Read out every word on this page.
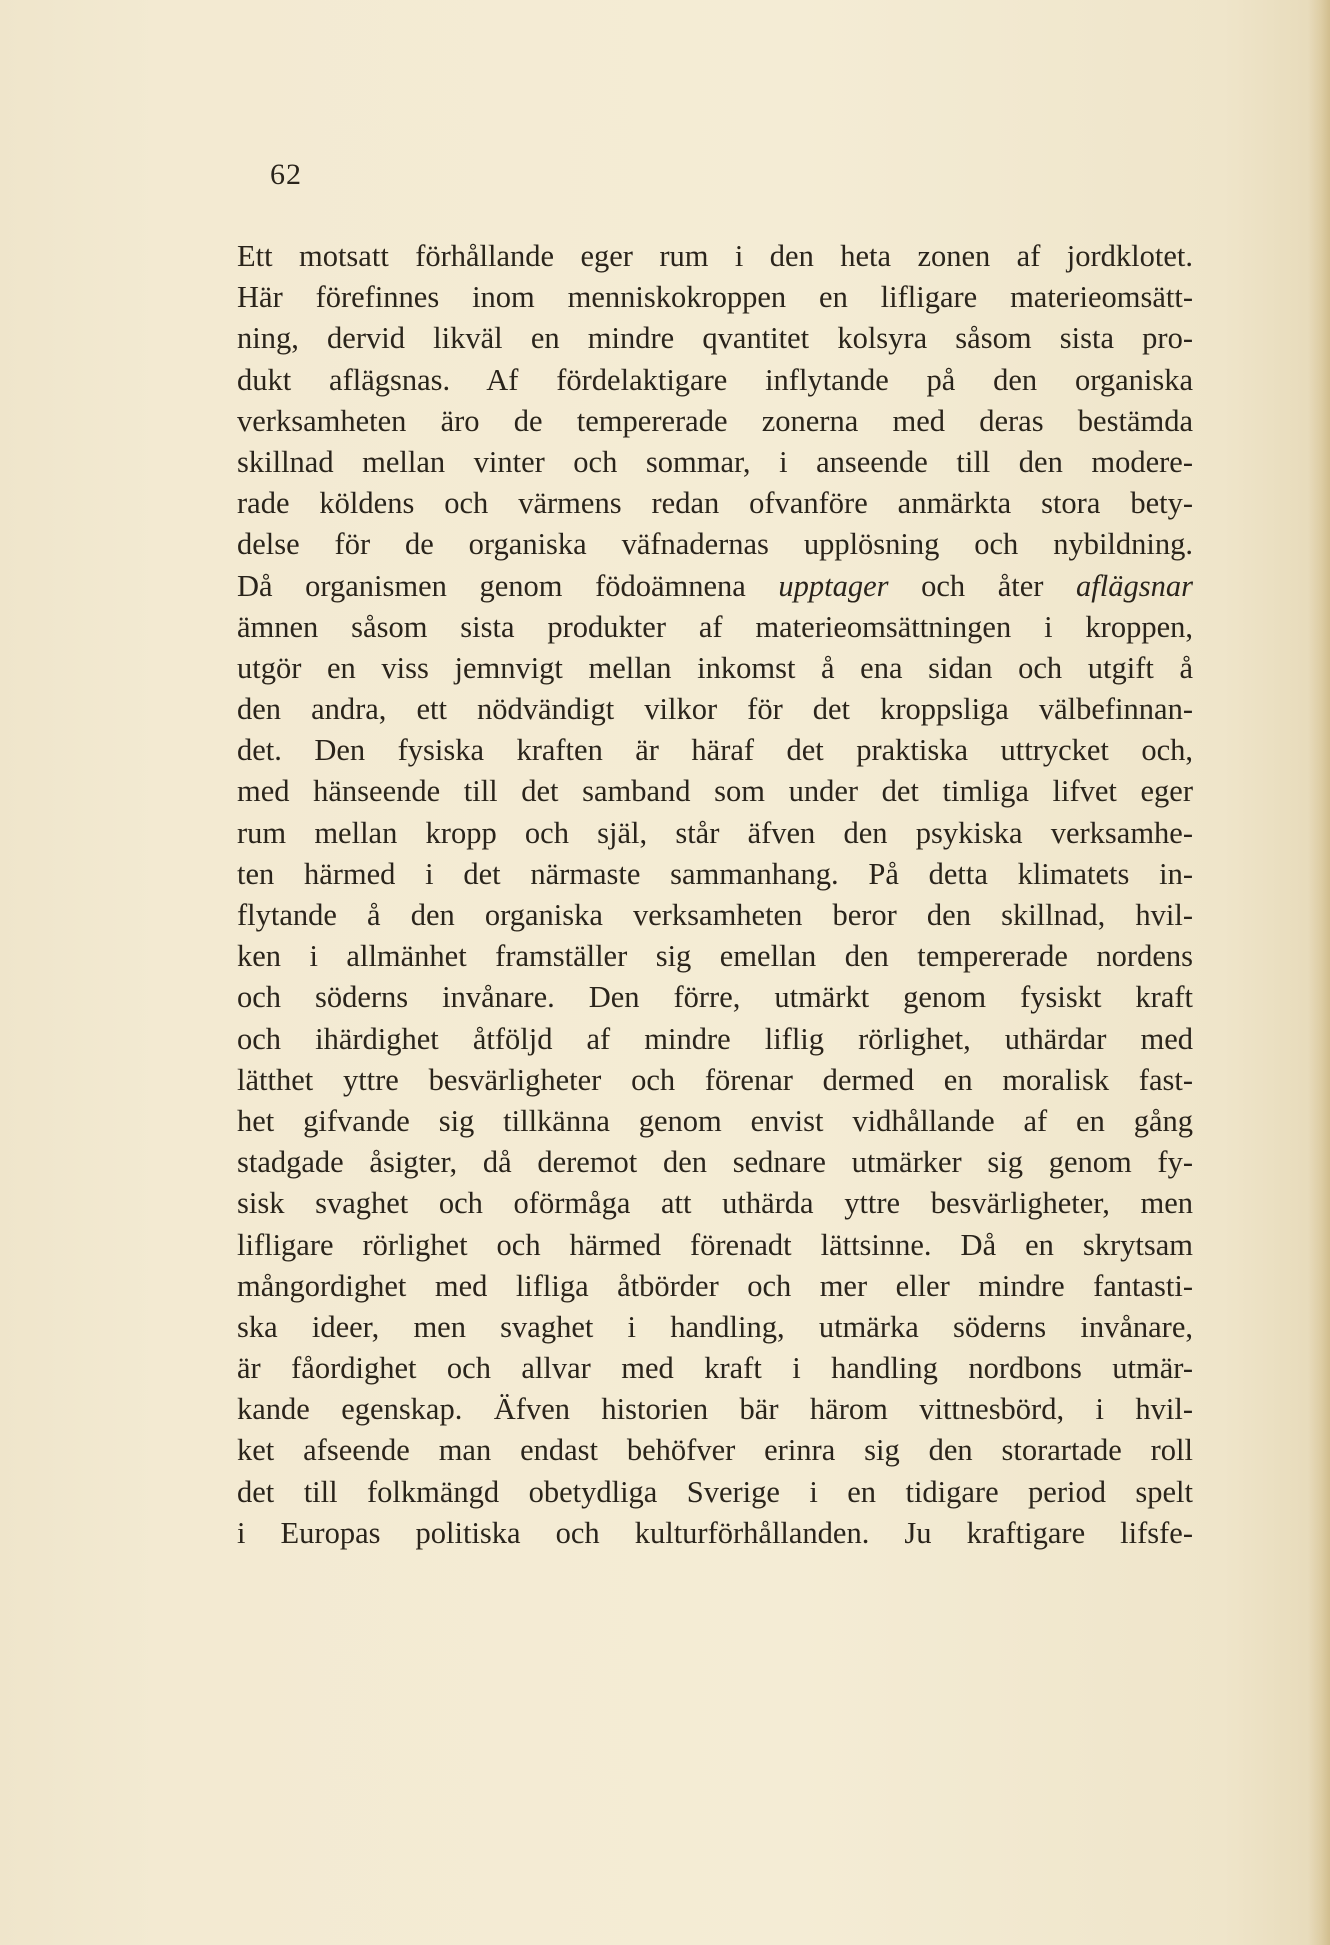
62
Ett motsatt förhållande eger rum i den heta zonen af jordklotet.
Här förefinnes inom menniskokroppen en lifligare materieomsätt-
ning, dervid likväl en mindre qvantitet kolsyra såsom sista pro-
dukt aflägsnas. Af fördelaktigare inflytande på den organiska
verksamheten äro de tempererade zonerna med deras bestämda
skillnad mellan vinter och sommar, i anseende till den modere-
rade köldens och värmens redan ofvanföre anmärkta stora bety-
delse för de organiska väfnadernas upplösning och nybildning.
Då organismen genom födoämnena upptager och åter aflägsnar
ämnen såsom sista produkter af materieomsättningen i kroppen,
utgör en viss jemnvigt mellan inkomst å ena sidan och utgift å
den andra, ett nödvändigt vilkor för det kroppsliga välbefinnan-
det. Den fysiska kraften är häraf det praktiska uttrycket och,
med hänseende till det samband som under det timliga lifvet eger
rum mellan kropp och själ, står äfven den psykiska verksamhe-
ten härmed i det närmaste sammanhang. På detta klimatets in-
flytande å den organiska verksamheten beror den skillnad, hvil-
ken i allmänhet framställer sig emellan den tempererade nordens
och söderns invånare. Den förre, utmärkt genom fysiskt kraft
och ihärdighet åtföljd af mindre liflig rörlighet, uthärdar med
lätthet yttre besvärligheter och förenar dermed en moralisk fast-
het gifvande sig tillkänna genom envist vidhållande af en gång
stadgade åsigter, då deremot den sednare utmärker sig genom fy-
sisk svaghet och oförmåga att uthärda yttre besvärligheter, men
lifligare rörlighet och härmed förenadt lättsinne. Då en skrytsam
mångordighet med lifliga åtbörder och mer eller mindre fantasti-
ska ideer, men svaghet i handling, utmärka söderns invånare,
är fåordighet och allvar med kraft i handling nordbons utmär-
kande egenskap. Äfven historien bär härom vittnesbörd, i hvil-
ket afseende man endast behöfver erinra sig den storartade roll
det till folkmängd obetydliga Sverige i en tidigare period spelt
i Europas politiska och kulturförhållanden. Ju kraftigare lifsfe-
